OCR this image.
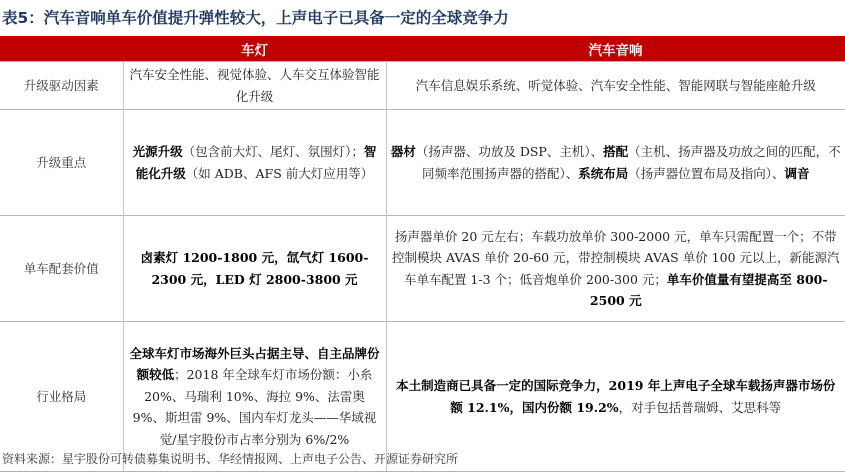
表5：汽车音响单车价值提升弹性较大，上声电子已具备一定的全球竞争力
	车灯	汽车音响
升级驱动因素	汽车安全性能、视觉体验、人车交互体验智能化升级	汽车信息娱乐系统、听觉体验、汽车安全性能、智能网联与智能座舱升级
升级重点	光源升级（包含前大灯、尾灯、氛围灯）；智能化升级（如 ADB、AFS 前大灯应用等）	器材（扬声器、功放及 DSP、主机）、搭配（主机、扬声器及功放之间的匹配，不同频率范围扬声器的搭配）、系统布局（扬声器位置布局及指向）、调音
单车配套价值	卤素灯 1200-1800 元，氙气灯 1600-2300 元，LED 灯 2800-3800 元	扬声器单价 20 元左右；车载功放单价 300-2000 元，单车只需配置一个；不带控制模块 AVAS 单价 20-60 元，带控制模块 AVAS 单价 100 元以上，新能源汽车单车配置 1-3 个；低音炮单价 200-300 元；单车价值量有望提高至 800-2500 元
行业格局	全球车灯市场海外巨头占据主导、自主品牌份额较低；2018 年全球车灯市场份额：小糸 20%、马瑞利 10%、海拉 9%、法雷奥 9%、斯坦雷 9%、国内车灯龙头——华域视觉/星宇股份市占率分别为 6%/2%	本土制造商已具备一定的国际竞争力，2019 年上声电子全球车载扬声器市场份额 12.1%，国内份额 19.2%，对手包括普瑞姆、艾思科等
资料来源：星宇股份可转债募集说明书、华经情报网、上声电子公告、开源证券研究所
